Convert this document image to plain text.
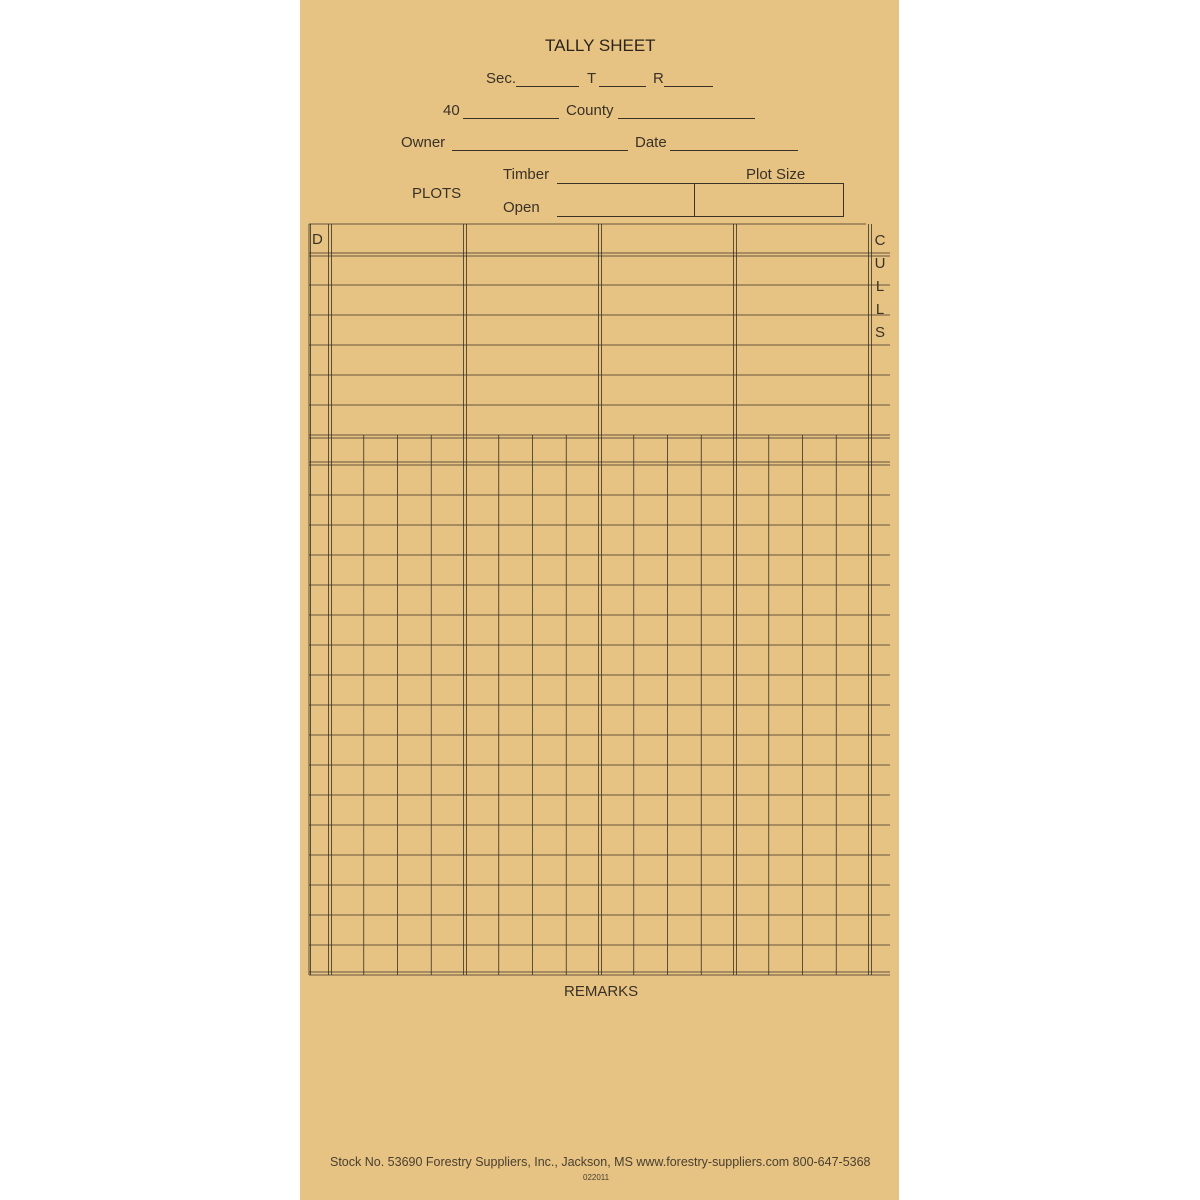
TALLY SHEET
Sec.	T	R
40	County
Owner	Date
PLOTS
Timber	Plot Size
Open
D	C
U
L
L
S
REMARKS
Stock No. 53690 Forestry Suppliers, Inc., Jackson, MS www.forestry-suppliers.com 800-647-5368
022011
